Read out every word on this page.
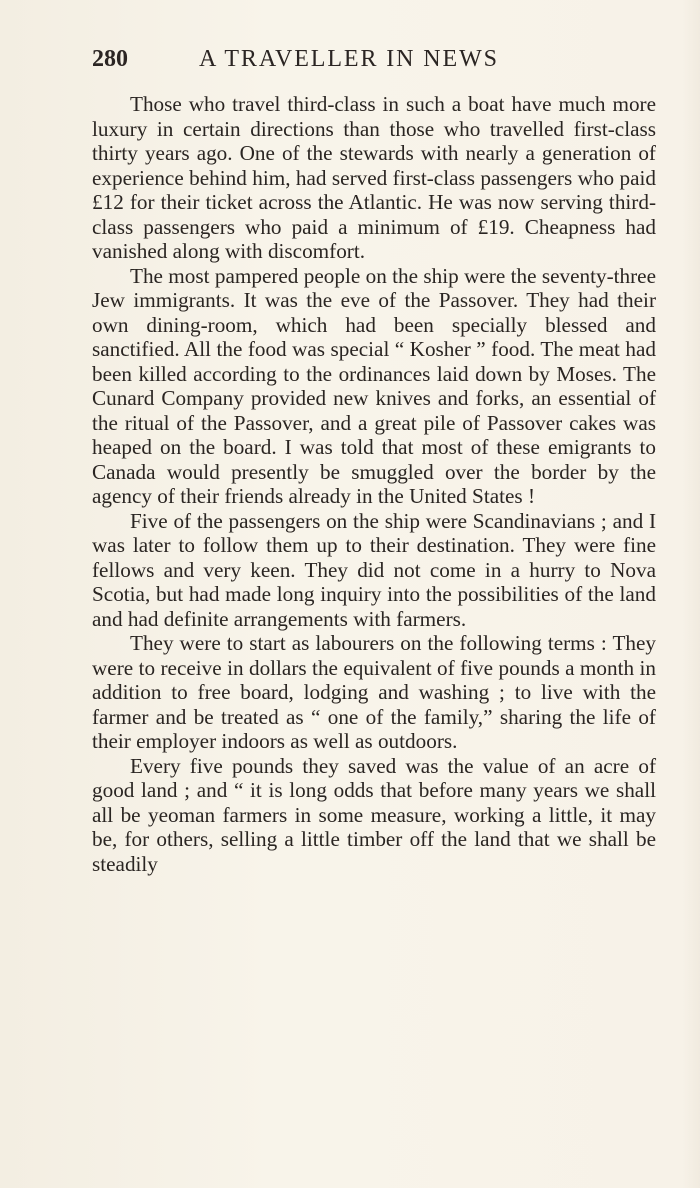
280	A TRAVELLER IN NEWS

Those who travel third-class in such a boat have much more luxury in certain directions than those who travelled first-class thirty years ago. One of the stewards with nearly a generation of experience behind him, had served first-class passengers who paid £12 for their ticket across the Atlantic. He was now serving third-class passengers who paid a minimum of £19. Cheapness had vanished along with discomfort.

The most pampered people on the ship were the seventy-three Jew immigrants. It was the eve of the Passover. They had their own dining-room, which had been specially blessed and sanctified. All the food was special “ Kosher ” food. The meat had been killed according to the ordinances laid down by Moses. The Cunard Company provided new knives and forks, an essential of the ritual of the Passover, and a great pile of Passover cakes was heaped on the board. I was told that most of these emigrants to Canada would presently be smuggled over the border by the agency of their friends already in the United States !

Five of the passengers on the ship were Scandinavians ; and I was later to follow them up to their destination. They were fine fellows and very keen. They did not come in a hurry to Nova Scotia, but had made long inquiry into the possibilities of the land and had definite arrangements with farmers.

They were to start as labourers on the following terms : They were to receive in dollars the equivalent of five pounds a month in addition to free board, lodging and washing ; to live with the farmer and be treated as “ one of the family,” sharing the life of their employer indoors as well as outdoors.

Every five pounds they saved was the value of an acre of good land ; and “ it is long odds that before many years we shall all be yeoman farmers in some measure, working a little, it may be, for others, selling a little timber off the land that we shall be steadily
